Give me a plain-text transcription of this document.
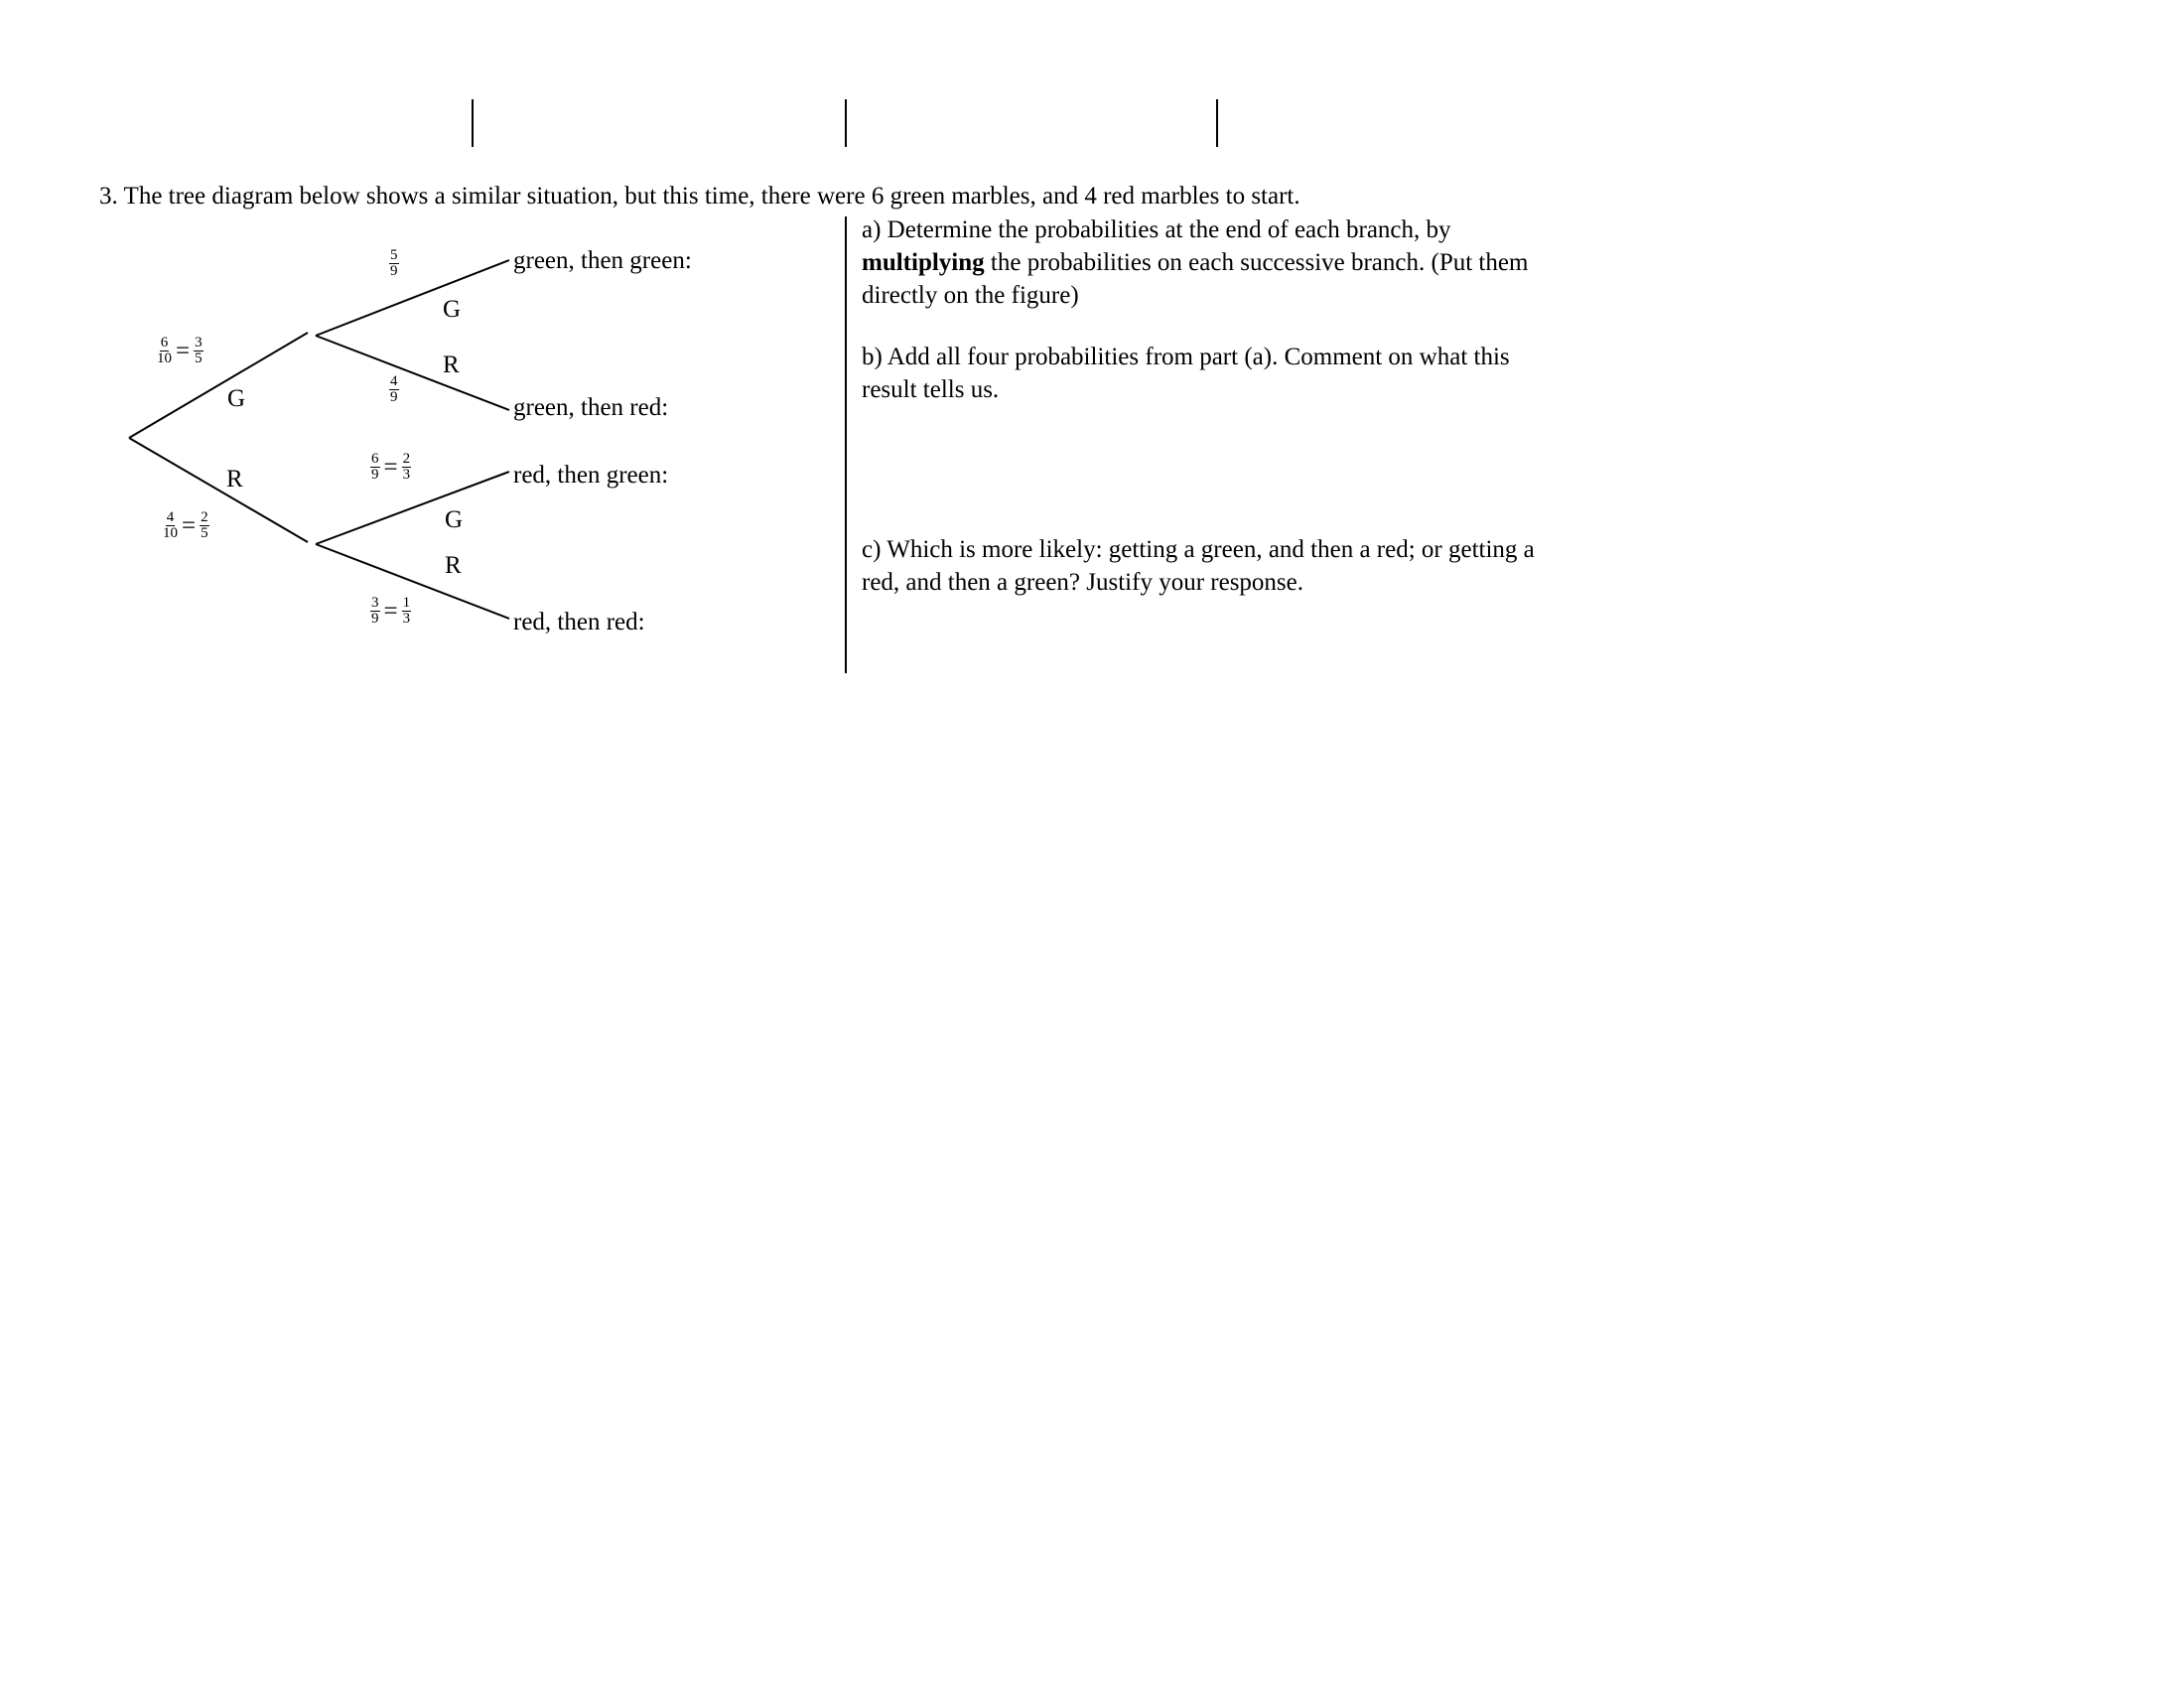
3. The tree diagram below shows a similar situation, but this time, there were 6 green marbles, and 4 red marbles to start.
$\frac{6}{10} = \frac{3}{5}$
G
R
$\frac{4}{10} = \frac{2}{5}$
$\frac{5}{9}$
G
R
$\frac{4}{9}$
$\frac{6}{9} = \frac{2}{3}$
G
R
$\frac{3}{9} = \frac{1}{3}$
green, then green:
green, then red:
red, then green:
red, then red:

a) Determine the probabilities at the end of each branch, by multiplying the probabilities on each successive branch. (Put them directly on the figure)

b) Add all four probabilities from part (a). Comment on what this result tells us.
c) Which is more likely: getting a green, and then a red; or getting a red, and then a green? Justify your response.
